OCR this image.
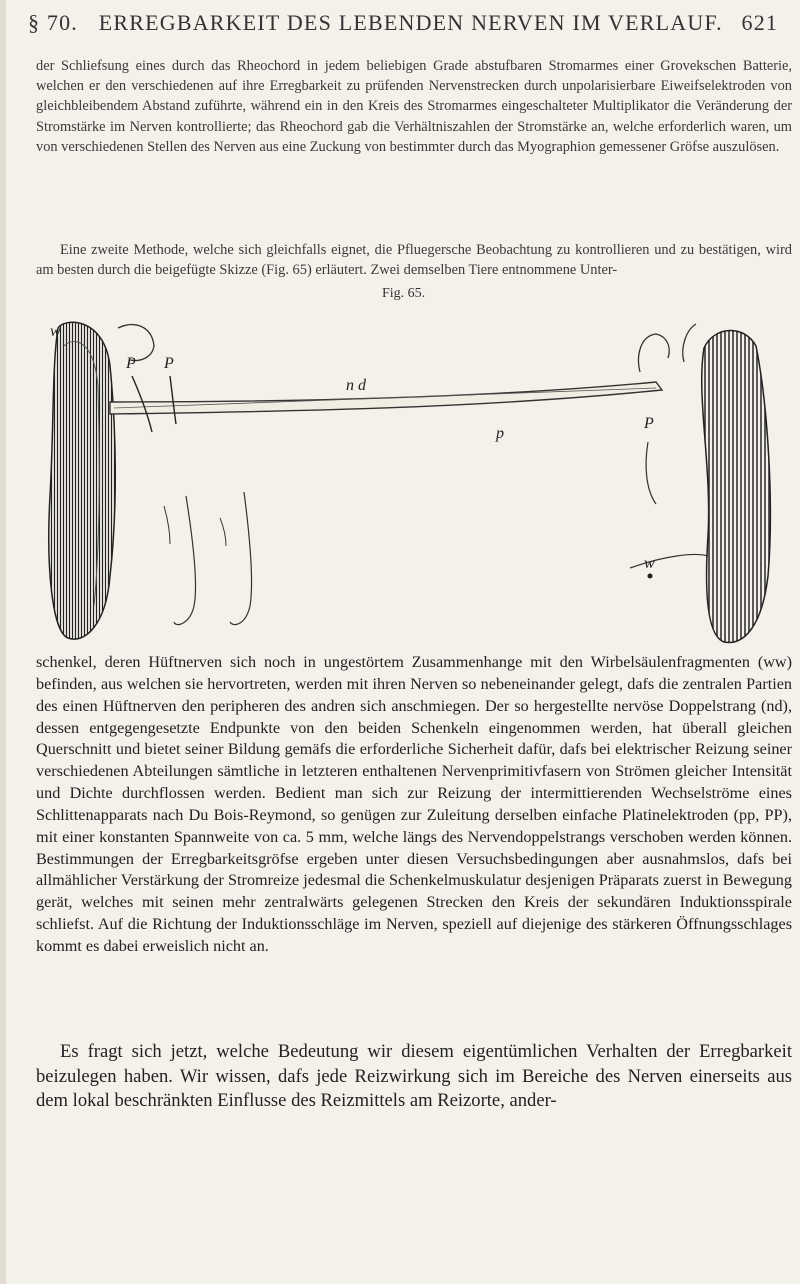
§ 70. ERREGBARKEIT DES LEBENDEN NERVEN IM VERLAUF. 621

der Schliefsung eines durch das Rheochord in jedem beliebigen Grade abstufbaren Stromarmes einer Grovekschen Batterie, welchen er den verschiedenen auf ihre Erregbarkeit zu prüfenden Nervenstrecken durch unpolarisierbare Eiweifselektroden von gleichbleibendem Abstand zuführte, während ein in den Kreis des Stromarmes eingeschalteter Multiplikator die Veränderung der Stromstärke im Nerven kontrollierte; das Rheochord gab die Verhältniszahlen der Stromstärke an, welche erforderlich waren, um von verschiedenen Stellen des Nerven aus eine Zuckung von bestimmter durch das Myographion gemessener Gröfse auszulösen.

Eine zweite Methode, welche sich gleichfalls eignet, die Pfluegersche Beobachtung zu kontrollieren und zu bestätigen, wird am besten durch die beigefügte Skizze (Fig. 65) erläutert. Zwei demselben Tiere entnommene Unter-

Fig. 65.
w
P P
n d
p
P
w

schenkel, deren Hüftnerven sich noch in ungestörtem Zusammenhange mit den Wirbelsäulenfragmenten (ww) befinden, aus welchen sie hervortreten, werden mit ihren Nerven so nebeneinander gelegt, dafs die zentralen Partien des einen Hüftnerven den peripheren des andren sich anschmiegen. Der so hergestellte nervöse Doppelstrang (nd), dessen entgegengesetzte Endpunkte von den beiden Schenkeln eingenommen werden, hat überall gleichen Querschnitt und bietet seiner Bildung gemäfs die erforderliche Sicherheit dafür, dafs bei elektrischer Reizung seiner verschiedenen Abteilungen sämtliche in letzteren enthaltenen Nervenprimitivfasern von Strömen gleicher Intensität und Dichte durchflossen werden. Bedient man sich zur Reizung der intermittierenden Wechselströme eines Schlittenapparats nach Du Bois-Reymond, so genügen zur Zuleitung derselben einfache Platinelektroden (pp, PP), mit einer konstanten Spannweite von ca. 5 mm, welche längs des Nervendoppelstrangs verschoben werden können. Bestimmungen der Erregbarkeitsgröfse ergeben unter diesen Versuchsbedingungen aber ausnahmslos, dafs bei allmählicher Verstärkung der Stromreize jedesmal die Schenkelmuskulatur desjenigen Präparats zuerst in Bewegung gerät, welches mit seinen mehr zentralwärts gelegenen Strecken den Kreis der sekundären Induktionsspirale schliefst. Auf die Richtung der Induktionsschläge im Nerven, speziell auf diejenige des stärkeren Öffnungsschlages kommt es dabei erweislich nicht an.

Es fragt sich jetzt, welche Bedeutung wir diesem eigentümlichen Verhalten der Erregbarkeit beizulegen haben. Wir wissen, dafs jede Reizwirkung sich im Bereiche des Nerven einerseits aus dem lokal beschränkten Einflusse des Reizmittels am Reizorte, ander-
